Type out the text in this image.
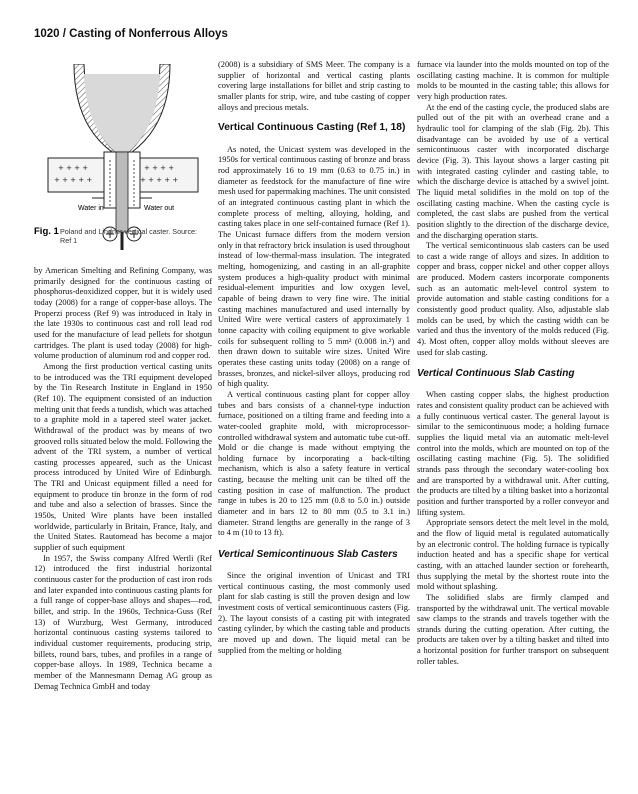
1020 / Casting of Nonferrous Alloys
+ + + +	+ + + +
+ + + + +	+ + + + +
Water in	Water out
Fig. 1Poland and Lindner vertical caster. Source: Ref 1

by American Smelting and Refining Company, was primarily designed for the continuous casting of phosphorus-deoxidized copper, but it is widely used today (2008) for a range of copper-base alloys. The Properzi process (Ref 9) was introduced in Italy in the late 1930s to continuous cast and roll lead rod used for the manufacture of lead pellets for shotgun cartridges. The plant is used today (2008) for high-volume production of aluminum rod and copper rod.

Among the first production vertical casting units to be introduced was the TRI equipment developed by the Tin Research Institute in England in 1950 (Ref 10). The equipment consisted of an induction melting unit that feeds a tundish, which was attached to a graphite mold in a tapered steel water jacket. Withdrawal of the product was by means of two grooved rolls situated below the mold. Following the advent of the TRI system, a number of vertical casting processes appeared, such as the Unicast process introduced by United Wire of Edinburgh. The TRI and Unicast equipment filled a need for equipment to produce tin bronze in the form of rod and tube and also a selection of brasses. Since the 1950s, United Wire plants have been installed worldwide, particularly in Britain, France, Italy, and the United States. Rautomead has become a major supplier of such equipment

In 1957, the Swiss company Alfred Wertli (Ref 12) introduced the first industrial horizontal continuous caster for the production of cast iron rods and later expanded into continuous casting plants for a full range of copper-base alloys and shapes—rod, billet, and strip. In the 1960s, Technica-Guss (Ref 13) of Wurzburg, West Germany, introduced horizontal continuous casting systems tailored to individual customer requirements, producing strip, billets, round bars, tubes, and profiles in a range of copper-base alloys. In 1989, Technica became a member of the Mannesmann Demag AG group as Demag Technica GmbH and today

(2008) is a subsidiary of SMS Meer. The company is a supplier of horizontal and vertical casting plants covering large installations for billet and strip casting to smaller plants for strip, wire, and tube casting of copper alloys and precious metals.

Vertical Continuous Casting (Ref 1, 18)

As noted, the Unicast system was developed in the 1950s for vertical continuous casting of bronze and brass rod approximately 16 to 19 mm (0.63 to 0.75 in.) in diameter as feedstock for the manufacture of fine wire mesh used for papermaking machines. The unit consisted of an integrated continuous casting plant in which the complete process of melting, alloying, holding, and casting takes place in one self-contained furnace (Ref 1). The Unicast furnace differs from the modern version only in that refractory brick insulation is used throughout instead of low-thermal-mass insulation. The integrated melting, homogenizing, and casting in an all-graphite system produces a high-quality product with minimal residual-element impurities and low oxygen level, capable of being drawn to very fine wire. The initial casting machines manufactured and used internally by United Wire were vertical casters of approximately 1 tonne capacity with coiling equipment to give workable coils for subsequent rolling to 5 mm² (0.008 in.²) and then drawn down to suitable wire sizes. United Wire operates these casting units today (2008) on a range of brasses, bronzes, and nickel-silver alloys, producing rod of high quality.

A vertical continuous casting plant for copper alloy tubes and bars consists of a channel-type induction furnace, positioned on a tilting frame and feeding into a water-cooled graphite mold, with microprocessor-controlled withdrawal system and automatic tube cut-off. Mold or die change is made without emptying the holding furnace by incorporating a back-tilting mechanism, which is also a safety feature in vertical casting, because the melting unit can be tilted off the casting position in case of malfunction. The product range in tubes is 20 to 125 mm (0.8 to 5.0 in.) outside diameter and in bars 12 to 80 mm (0.5 to 3.1 in.) diameter. Strand lengths are generally in the range of 3 to 4 m (10 to 13 ft).

Vertical Semicontinuous Slab Casters

Since the original invention of Unicast and TRI vertical continuous casting, the most commonly used plant for slab casting is still the proven design and low investment costs of vertical semicontinuous casters (Fig. 2). The layout consists of a casting pit with integrated casting cylinder, by which the casting table and products are moved up and down. The liquid metal can be supplied from the melting or holding

furnace via launder into the molds mounted on top of the oscillating casting machine. It is common for multiple molds to be mounted in the casting table; this allows for very high production rates.

At the end of the casting cycle, the produced slabs are pulled out of the pit with an overhead crane and a hydraulic tool for clamping of the slab (Fig. 2b). This disadvantage can be avoided by use of a vertical semicontinuous caster with incorporated discharge device (Fig. 3). This layout shows a larger casting pit with integrated casting cylinder and casting table, to which the discharge device is attached by a swivel joint. The liquid metal solidifies in the mold on top of the oscillating casting machine. When the casting cycle is completed, the cast slabs are pushed from the vertical position slightly to the direction of the discharge device, and the discharging operation starts.

The vertical semicontinuous slab casters can be used to cast a wide range of alloys and sizes. In addition to copper and brass, copper nickel and other copper alloys are produced. Modern casters incorporate components such as an automatic melt-level control system to provide automation and stable casting conditions for a consistently good product quality. Also, adjustable slab molds can be used, by which the casting width can be varied and thus the inventory of the molds reduced (Fig. 4). Most often, copper alloy molds without sleeves are used for slab casting.

Vertical Continuous Slab Casting

When casting copper slabs, the highest production rates and consistent quality product can be achieved with a fully continuous vertical caster. The general layout is similar to the semicontinuous mode; a holding furnace supplies the liquid metal via an automatic melt-level control into the molds, which are mounted on top of the oscillating casting machine (Fig. 5). The solidified strands pass through the secondary water-cooling box and are transported by a withdrawal unit. After cutting, the products are tilted by a tilting basket into a horizontal position and further transported by a roller conveyor and lifting system.

Appropriate sensors detect the melt level in the mold, and the flow of liquid metal is regulated automatically by an electronic control. The holding furnace is typically induction heated and has a specific shape for vertical casting, with an attached launder section or forehearth, thus supplying the metal by the shortest route into the mold without splashing.

The solidified slabs are firmly clamped and transported by the withdrawal unit. The vertical movable saw clamps to the strands and travels together with the strands during the cutting operation. After cutting, the products are taken over by a tilting basket and tilted into a horizontal position for further transport on subsequent roller tables.
